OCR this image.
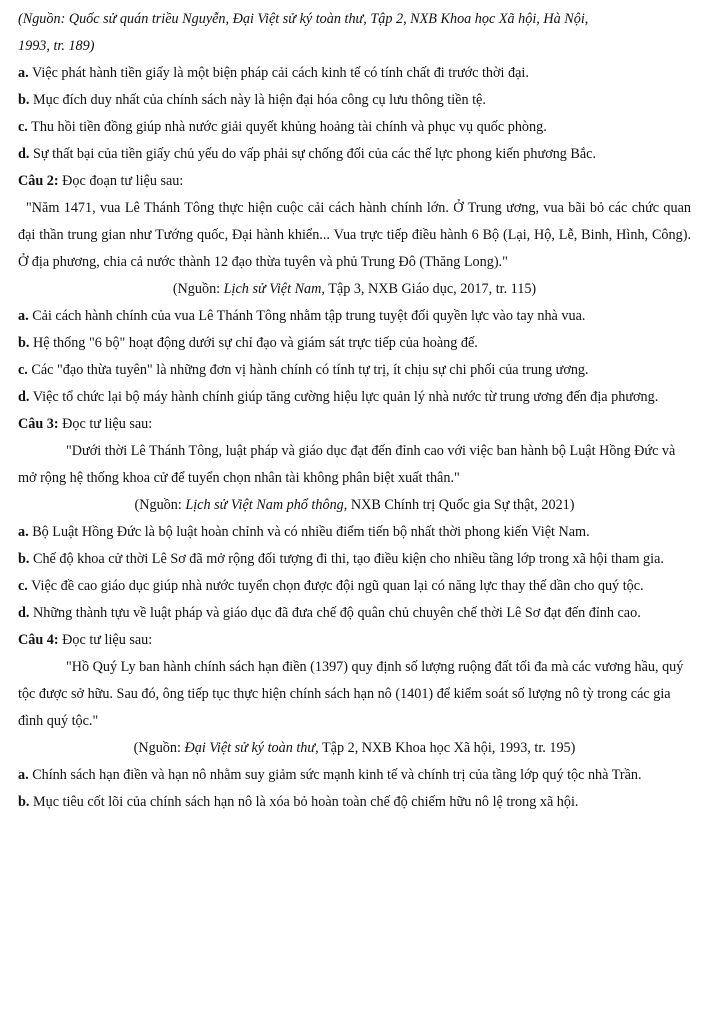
(Nguồn: Quốc sử quán triều Nguyễn, Đại Việt sử ký toàn thư, Tập 2, NXB Khoa học Xã hội, Hà Nội,
1993, tr. 189)

a. Việc phát hành tiền giấy là một biện pháp cải cách kinh tế có tính chất đi trước thời đại.

b. Mục đích duy nhất của chính sách này là hiện đại hóa công cụ lưu thông tiền tệ.

c. Thu hồi tiền đồng giúp nhà nước giải quyết khủng hoảng tài chính và phục vụ quốc phòng.

d. Sự thất bại của tiền giấy chủ yếu do vấp phải sự chống đối của các thế lực phong kiến phương Bắc.

Câu 2: Đọc đoạn tư liệu sau:

"Năm 1471, vua Lê Thánh Tông thực hiện cuộc cải cách hành chính lớn. Ở Trung ương, vua bãi bỏ các chức quan đại thần trung gian như Tướng quốc, Đại hành khiển... Vua trực tiếp điều hành 6 Bộ (Lại, Hộ, Lễ, Binh, Hình, Công). Ở địa phương, chia cả nước thành 12 đạo thừa tuyên và phủ Trung Đô (Thăng Long)."

(Nguồn: Lịch sử Việt Nam, Tập 3, NXB Giáo dục, 2017, tr. 115)

a. Cải cách hành chính của vua Lê Thánh Tông nhằm tập trung tuyệt đối quyền lực vào tay nhà vua.

b. Hệ thống "6 bộ" hoạt động dưới sự chỉ đạo và giám sát trực tiếp của hoàng đế.

c. Các "đạo thừa tuyên" là những đơn vị hành chính có tính tự trị, ít chịu sự chi phối của trung ương.

d. Việc tổ chức lại bộ máy hành chính giúp tăng cường hiệu lực quản lý nhà nước từ trung ương đến địa phương.

Câu 3: Đọc tư liệu sau:

"Dưới thời Lê Thánh Tông, luật pháp và giáo dục đạt đến đỉnh cao với việc ban hành bộ Luật Hồng Đức và mở rộng hệ thống khoa cử để tuyển chọn nhân tài không phân biệt xuất thân."

(Nguồn: Lịch sử Việt Nam phổ thông, NXB Chính trị Quốc gia Sự thật, 2021)

a. Bộ Luật Hồng Đức là bộ luật hoàn chỉnh và có nhiều điểm tiến bộ nhất thời phong kiến Việt Nam.

b. Chế độ khoa cử thời Lê Sơ đã mở rộng đối tượng đi thi, tạo điều kiện cho nhiều tầng lớp trong xã hội tham gia.

c. Việc đề cao giáo dục giúp nhà nước tuyển chọn được đội ngũ quan lại có năng lực thay thế dần cho quý tộc.

d. Những thành tựu về luật pháp và giáo dục đã đưa chế độ quân chủ chuyên chế thời Lê Sơ đạt đến đỉnh cao.

Câu 4: Đọc tư liệu sau:

"Hồ Quý Ly ban hành chính sách hạn điền (1397) quy định số lượng ruộng đất tối đa mà các vương hầu, quý tộc được sở hữu. Sau đó, ông tiếp tục thực hiện chính sách hạn nô (1401) để kiểm soát số lượng nô tỳ trong các gia đình quý tộc."

(Nguồn: Đại Việt sử ký toàn thư, Tập 2, NXB Khoa học Xã hội, 1993, tr. 195)

a. Chính sách hạn điền và hạn nô nhằm suy giảm sức mạnh kinh tế và chính trị của tầng lớp quý tộc nhà Trần.

b. Mục tiêu cốt lõi của chính sách hạn nô là xóa bỏ hoàn toàn chế độ chiếm hữu nô lệ trong xã hội.
